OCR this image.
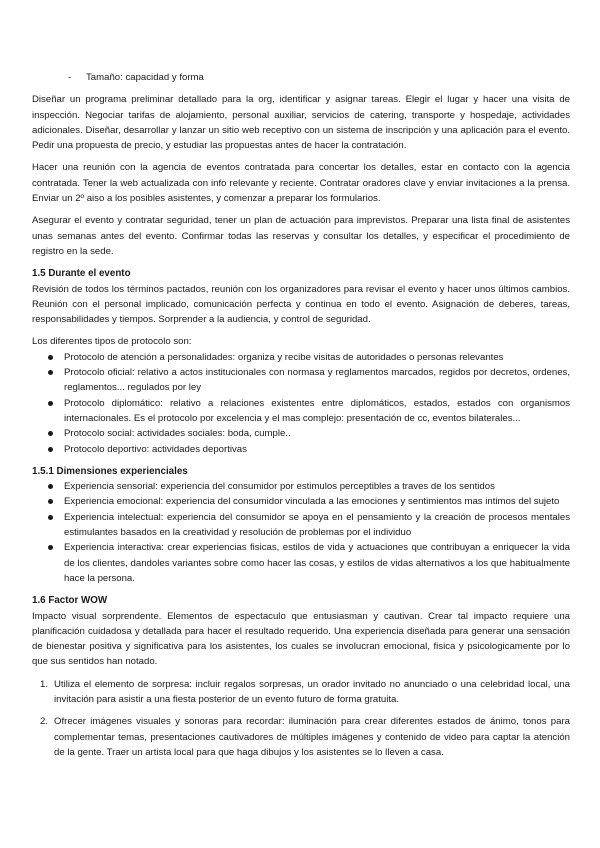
- Tamaño: capacidad y forma

Diseñar un programa preliminar detallado para la org, identificar y asignar tareas. Elegir el lugar y hacer una visita de inspección. Negociar tarifas de alojamiento, personal auxiliar, servicios de catering, transporte y hospedaje, actividades adicionales. Diseñar, desarrollar y lanzar un sitio web receptivo con un sistema de inscripción y una aplicación para el evento. Pedir una propuesta de precio, y estudiar las propuestas antes de hacer la contratación.

Hacer una reunión con la agencia de eventos contratada para concertar los detalles, estar en contacto con la agencia contratada. Tener la web actualizada con info relevante y reciente. Contratar oradores clave y enviar invitaciones a la prensa. Enviar un 2º aiso a los posibles asistentes, y comenzar a preparar los formularios.

Asegurar el evento y contratar seguridad, tener un plan de actuación para imprevistos. Preparar una lista final de asistentes unas semanas antes del evento. Confirmar todas las reservas y consultar los detalles, y especificar el procedimiento de registro en la sede.

1.5 Durante el evento

Revisión de todos los términos pactados, reunión con los organizadores para revisar el evento y hacer unos últimos cambios. Reunión con el personal implicado, comunicación perfecta y continua en todo el evento. Asignación de deberes, tareas, responsabilidades y tiempos. Sorprender a la audiencia, y control de seguridad.

Los diferentes tipos de protocolo son:

Protocolo de atención a personalidades: organiza y recibe visitas de autoridades o personas relevantes
Protocolo oficial: relativo a actos institucionales con normasa y reglamentos marcados, regidos por decretos, ordenes, reglamentos... regulados por ley
Protocolo diplomático: relativo a relaciones existentes entre diplomáticos, estados, estados con organismos internacionales. Es el protocolo por excelencia y el mas complejo: presentación de cc, eventos bilaterales...
Protocolo social: actividades sociales: boda, cumple..
Protocolo deportivo: actividades deportivas
1.5.1 Dimensiones experienciales
Experiencia sensorial: experiencia del consumidor por estimulos perceptibles a traves de los sentidos
Experiencia emocional: experiencia del consumidor vinculada a las emociones y sentimientos mas intimos del sujeto
Experiencia intelectual: experiencia del consumidor se apoya en el pensamiento y la creación de procesos mentales estimulantes basados en la creatividad y resolución de problemas por el individuo
Experiencia interactiva: crear experiencias fisicas, estilos de vida y actuaciones que contribuyan a enriquecer la vida de los clientes, dandoles variantes sobre como hacer las cosas, y estilos de vidas alternativos a los que habitualmente hace la persona.
1.6 Factor WOW

Impacto visual sorprendente. Elementos de espectaculo que entusiasman y cautivan. Crear tal impacto requiere una planificación cuidadosa y detallada para hacer el resultado requerido. Una experiencia diseñada para generar una sensación de bienestar positiva y significativa para los asistentes, los cuales se involucran emocional, fisica y psicologicamente por lo que sus sentidos han notado.

1. Utiliza el elemento de sorpresa: incluir regalos sorpresas, un orador invitado no anunciado o una celebridad local, una invitación para asistir a una fiesta posterior de un evento futuro de forma gratuita.
2. Ofrecer imágenes visuales y sonoras para recordar: iluminación para crear diferentes estados de ánimo, tonos para complementar temas, presentaciones cautivadores de múltiples imágenes y contenido de video para captar la atención de la gente. Traer un artista local para que haga dibujos y los asistentes se lo lleven a casa.
